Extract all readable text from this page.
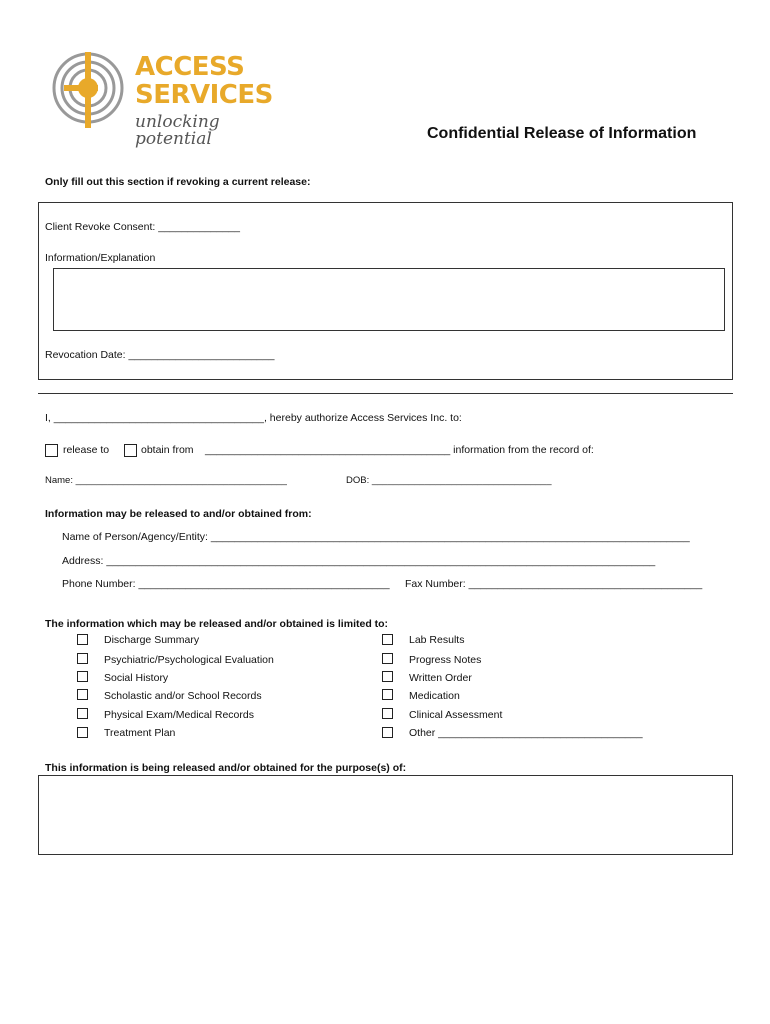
ACCESS
SERVICES
unlocking potential	Confidential Release of Information
Only fill out this section if revoking a current release:
Client Revoke Consent: ______________
Information/Explanation
Revocation Date: _________________________
I, ____________________________________, hereby authorize Access Services Inc. to:
release to	obtain from __________________________________________ information from the record of:
Name: ________________________________________	DOB: __________________________________
Information may be released to and/or obtained from:
Name of Person/Agency/Entity: __________________________________________________________________________________
Address: ______________________________________________________________________________________________
Phone Number: ___________________________________________ Fax Number: ________________________________________
The information which may be released and/or obtained is limited to:
Discharge Summary
Psychiatric/Psychological Evaluation
Social History
Scholastic and/or School Records
Physical Exam/Medical Records
Treatment Plan
Lab Results
Progress Notes
Written Order
Medication
Clinical Assessment
Other ___________________________________
This information is being released and/or obtained for the purpose(s) of:
